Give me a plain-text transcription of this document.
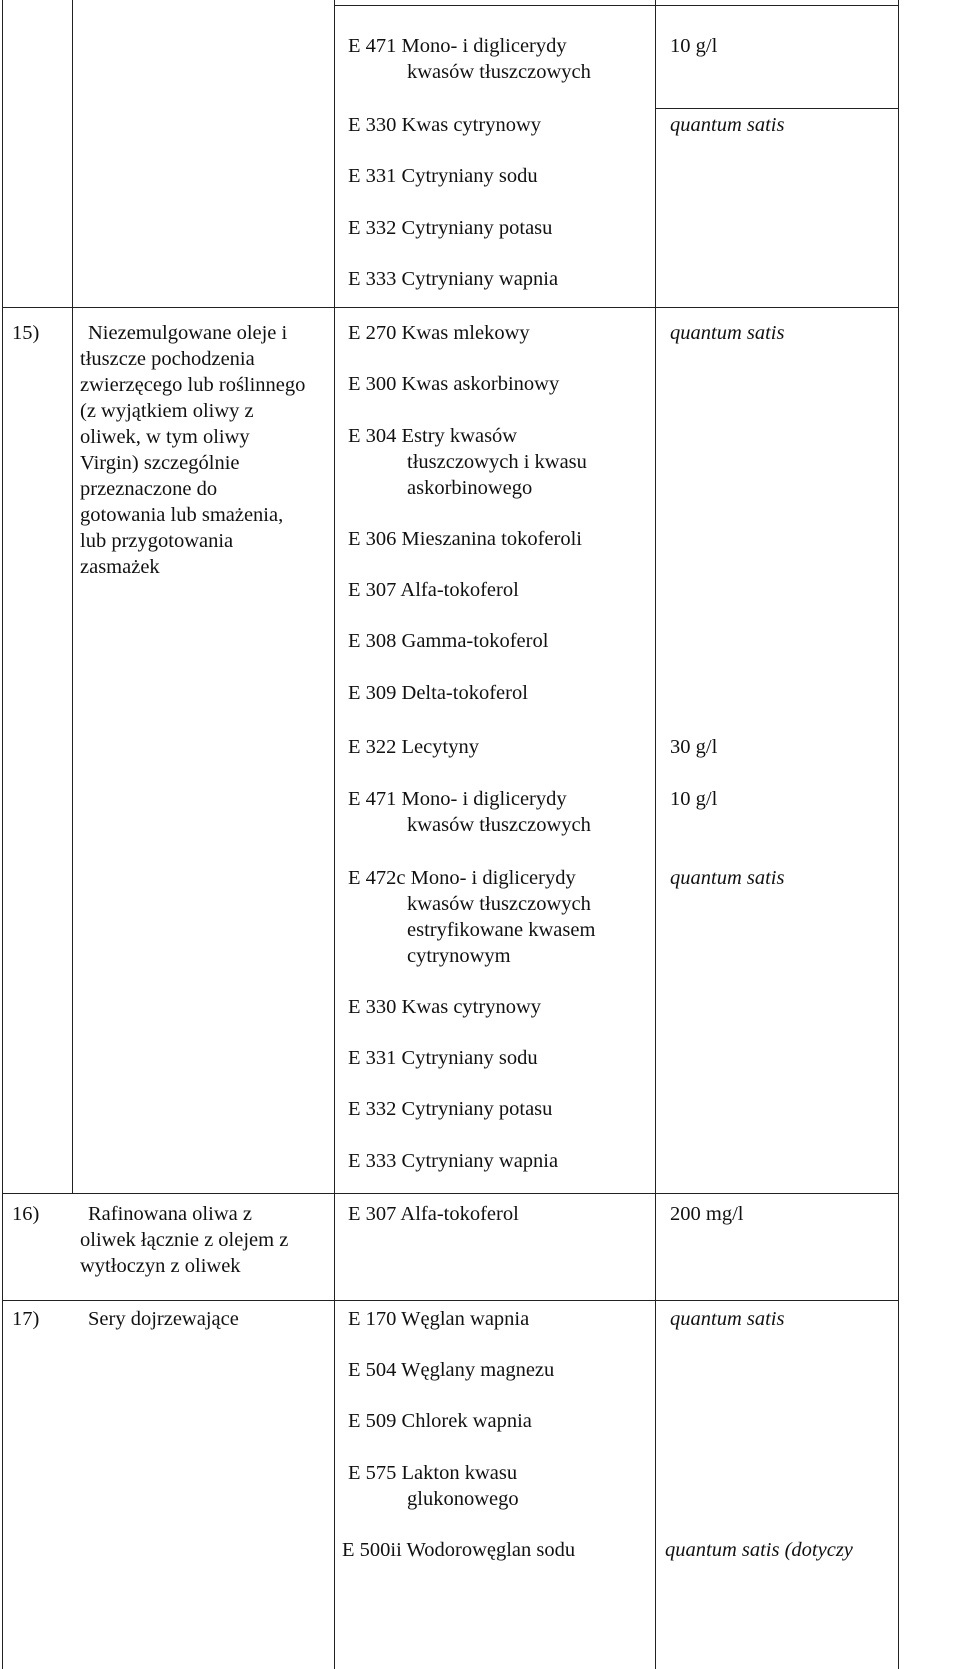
E 471 Mono- i diglicerydy
kwasów tłuszczowych
E 330 Kwas cytrynowy
E 331 Cytryniany sodu
E 332 Cytryniany potasu
E 333 Cytryniany wapnia
10 g/l
quantum satis
15) Niezemulgowane oleje i
tłuszcze pochodzenia
zwierzęcego lub roślinnego
(z wyjątkiem oliwy z
oliwek, w tym oliwy
Virgin) szczególnie
przeznaczone do
gotowania lub smażenia,
lub przygotowania
zasmażek
E 270 Kwas mlekowy
E 300 Kwas askorbinowy
E 304 Estry kwasów
tłuszczowych i kwasu
askorbinowego
E 306 Mieszanina tokoferoli
E 307 Alfa-tokoferol
E 308 Gamma-tokoferol
E 309 Delta-tokoferol
E 322 Lecytyny
E 471 Mono- i diglicerydy
kwasów tłuszczowych
E 472c Mono- i diglicerydy
kwasów tłuszczowych
estryfikowane kwasem
cytrynowym
E 330 Kwas cytrynowy
E 331 Cytryniany sodu
E 332 Cytryniany potasu
E 333 Cytryniany wapnia
quantum satis
30 g/l
10 g/l
quantum satis
16) Rafinowana oliwa z
oliwek łącznie z olejem z
wytłoczyn z oliwek
E 307 Alfa-tokoferol	200 mg/l
17) Sery dojrzewające	E 170 Węglan wapnia
E 504 Węglany magnezu
E 509 Chlorek wapnia
E 575 Lakton kwasu
glukonowego
E 500ii Wodorowęglan sodu
quantum satis
quantum satis (dotyczy
